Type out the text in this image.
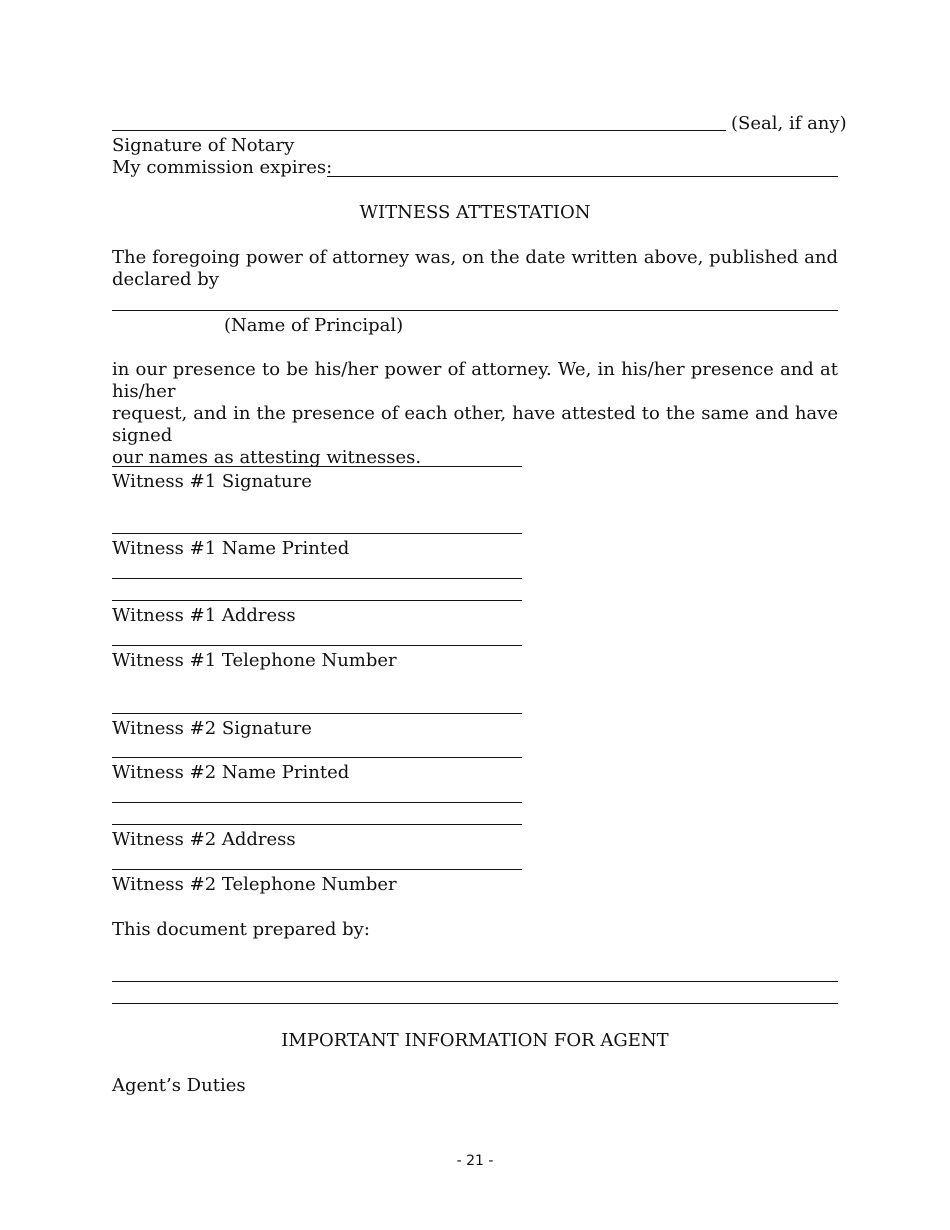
(Seal, if any)
Signature of Notary
My commission expires:
WITNESS ATTESTATION
The foregoing power of attorney was, on the date written above, published and
declared by
(Name of Principal)
in our presence to be his/her power of attorney. We, in his/her presence and at his/her
request, and in the presence of each other, have attested to the same and have signed
our names as attesting witnesses.
Witness #1 Signature
Witness #1 Name Printed
Witness #1 Address
Witness #1 Telephone Number
Witness #2 Signature
Witness #2 Name Printed
Witness #2 Address
Witness #2 Telephone Number
This document prepared by:
IMPORTANT INFORMATION FOR AGENT
Agent’s Duties
- 21 -
